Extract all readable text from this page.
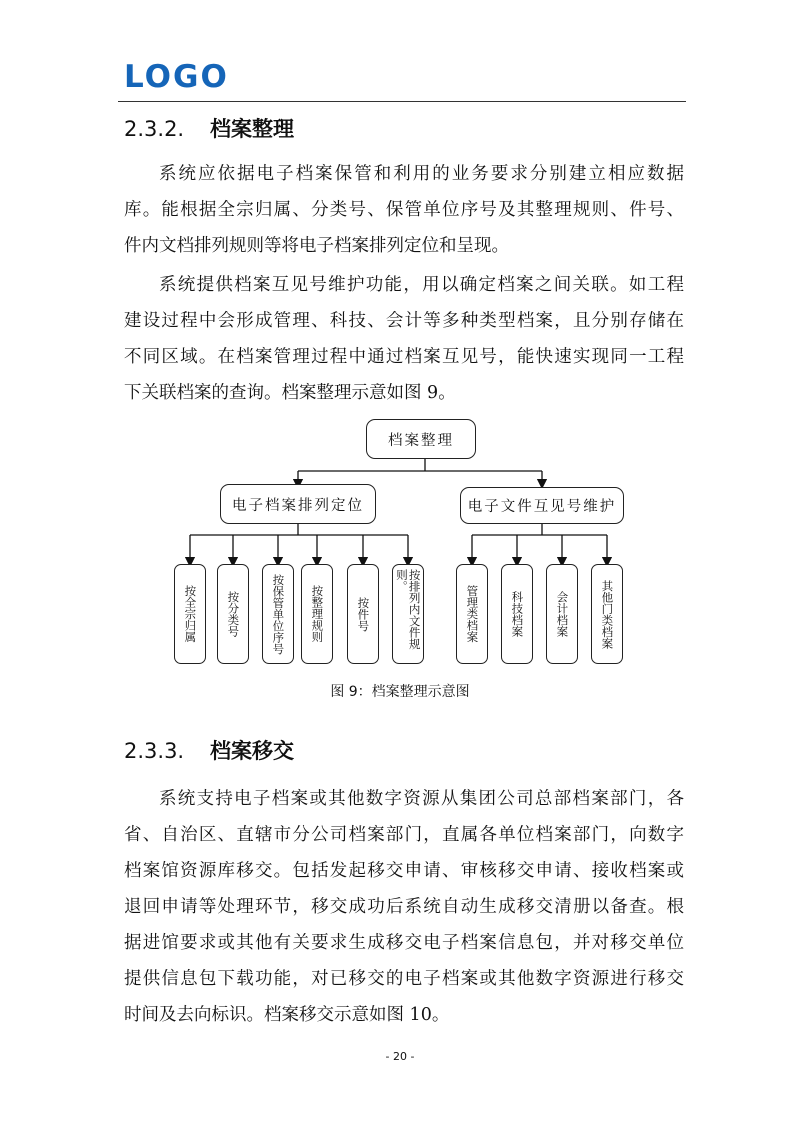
LOGO
2.3.2. 档案整理
系统应依据电子档案保管和利用的业务要求分别建立相应数据
库。能根据全宗归属、分类号、保管单位序号及其整理规则、件号、
件内文档排列规则等将电子档案排列定位和呈现。
系统提供档案互见号维护功能，用以确定档案之间关联。如工程
建设过程中会形成管理、科技、会计等多种类型档案，且分别存储在
不同区域。在档案管理过程中通过档案互见号，能快速实现同一工程
下关联档案的查询。档案整理示意如图 9。
档案整理
电子档案排列定位	电子文件互见号维护
按全宗归属	按分类号	按保管单位序号	按整理规则	按件号	按排列内文件规则。
管理类档案	科技档案	会计档案	其他门类档案
图 9：档案整理示意图
2.3.3. 档案移交
系统支持电子档案或其他数字资源从集团公司总部档案部门，各
省、自治区、直辖市分公司档案部门，直属各单位档案部门，向数字
档案馆资源库移交。包括发起移交申请、审核移交申请、接收档案或
退回申请等处理环节，移交成功后系统自动生成移交清册以备查。根
据进馆要求或其他有关要求生成移交电子档案信息包，并对移交单位
提供信息包下载功能，对已移交的电子档案或其他数字资源进行移交
时间及去向标识。档案移交示意如图 10。
- 20 -
